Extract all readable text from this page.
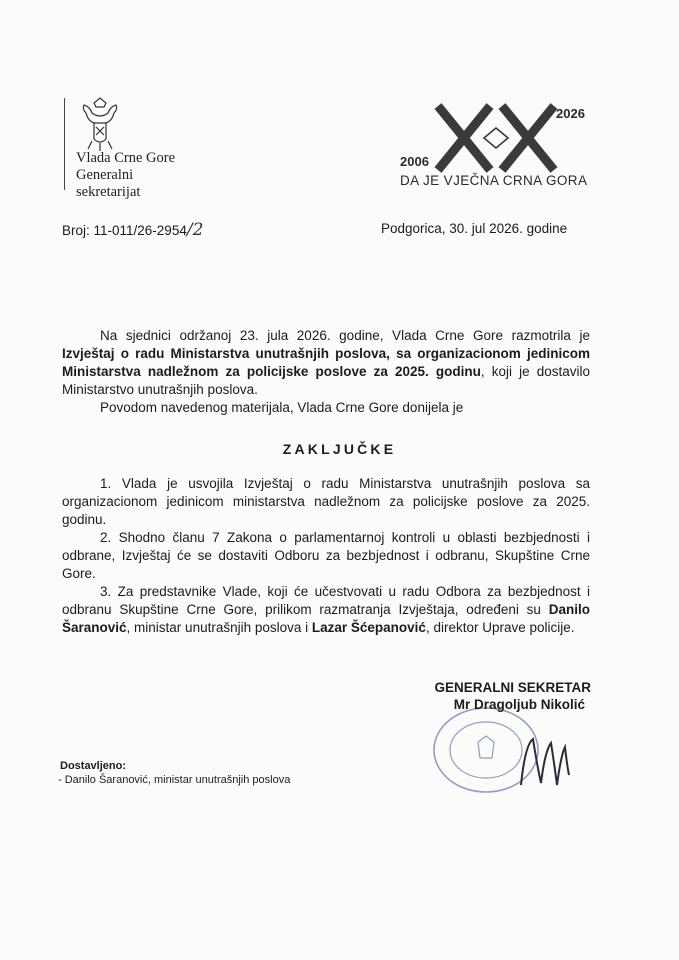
Vlada Crne Gore
Generalni
sekretarijat
2026
2006
DA JE VJEČNA CRNA GORA
Broj: 11-011/26-2954/2	Podgorica, 30. jul 2026. godine

Na sjednici održanoj 23. jula 2026. godine, Vlada Crne Gore razmotrila je Izvještaj o radu Ministarstva unutrašnjih poslova, sa organizacionom jedinicom Ministarstva nadležnom za policijske poslove za 2025. godinu, koji je dostavilo Ministarstvo unutrašnjih poslova.

Povodom navedenog materijala, Vlada Crne Gore donijela je

ZAKLJUČKE

1. Vlada je usvojila Izvještaj o radu Ministarstva unutrašnjih poslova sa organizacionom jedinicom ministarstva nadležnom za policijske poslove za 2025. godinu.

2. Shodno članu 7 Zakona o parlamentarnoj kontroli u oblasti bezbjednosti i odbrane, Izvještaj će se dostaviti Odboru za bezbjednost i odbranu, Skupštine Crne Gore.

3. Za predstavnike Vlade, koji će učestvovati u radu Odbora za bezbjednost i odbranu Skupštine Crne Gore, prilikom razmatranja Izvještaja, određeni su Danilo Šaranović, ministar unutrašnjih poslova i Lazar Šćepanović, direktor Uprave policije.

GENERALNI SEKRETAR
Mr Dragoljub Nikolić
Dostavljeno:
- Danilo Šaranović, ministar unutrašnjih poslova
